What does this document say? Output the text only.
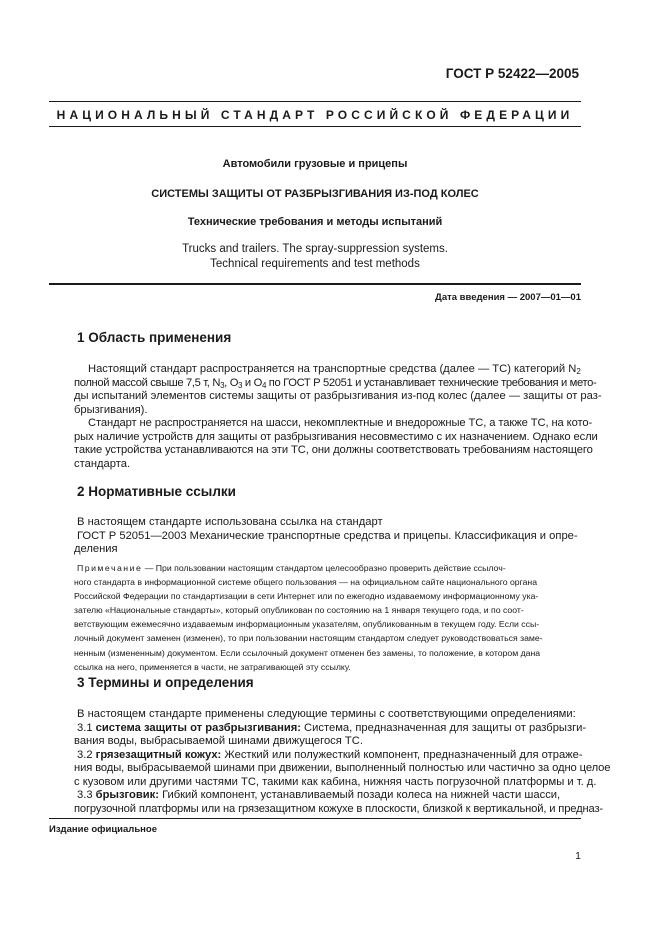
ГОСТ Р 52422—2005
НАЦИОНАЛЬНЫЙ СТАНДАРТ РОССИЙСКОЙ ФЕДЕРАЦИИ
Автомобили грузовые и прицепы
СИСТЕМЫ ЗАЩИТЫ ОТ РАЗБРЫЗГИВАНИЯ ИЗ-ПОД КОЛЕС
Технические требования и методы испытаний
Trucks and trailers. The spray-suppression systems.
Technical requirements and test methods
Дата введения — 2007—01—01
1 Область применения
Настоящий стандарт распространяется на транспортные средства (далее — ТС) категорий $N_2$
полной массой свыше 7,5 т, $N_3$, $O_3$ и $O_4$ по ГОСТ Р 52051 и устанавливает технические требования и мето-
ды испытаний элементов системы защиты от разбрызгивания из-под колес (далее — защиты от раз-
брызгивания).
Стандарт не распространяется на шасси, некомплектные и внедорожные ТС, а также ТС, на кото-
рых наличие устройств для защиты от разбрызгивания несовместимо с их назначением. Однако если
такие устройства устанавливаются на эти ТС, они должны соответствовать требованиям настоящего
стандарта.
2 Нормативные ссылки
В настоящем стандарте использована ссылка на стандарт
ГОСТ Р 52051—2003 Механические транспортные средства и прицепы. Классификация и опре-
деления
Примечание — При пользовании настоящим стандартом целесообразно проверить действие ссылоч-
ного стандарта в информационной системе общего пользования — на официальном сайте национального органа
Российской Федерации по стандартизации в сети Интернет или по ежегодно издаваемому информационному ука-
зателю «Национальные стандарты», который опубликован по состоянию на 1 января текущего года, и по соот-
ветствующим ежемесячно издаваемым информационным указателям, опубликованным в текущем году. Если ссы-
лочный документ заменен (изменен), то при пользовании настоящим стандартом следует руководствоваться заме-
ненным (измененным) документом. Если ссылочный документ отменен без замены, то положение, в котором дана
ссылка на него, применяется в части, не затрагивающей эту ссылку.
3 Термины и определения
В настоящем стандарте применены следующие термины с соответствующими определениями:
3.1 система защиты от разбрызгивания: Система, предназначенная для защиты от разбрызги-
вания воды, выбрасываемой шинами движущегося ТС.
3.2 грязезащитный кожух: Жесткий или полужесткий компонент, предназначенный для отраже-
ния воды, выбрасываемой шинами при движении, выполненный полностью или частично за одно целое
с кузовом или другими частями ТС, такими как кабина, нижняя часть погрузочной платформы и т. д.
3.3 брызговик: Гибкий компонент, устанавливаемый позади колеса на нижней части шасси,
погрузочной платформы или на грязезащитном кожухе в плоскости, близкой к вертикальной, и предназ-
Издание официальное
1
